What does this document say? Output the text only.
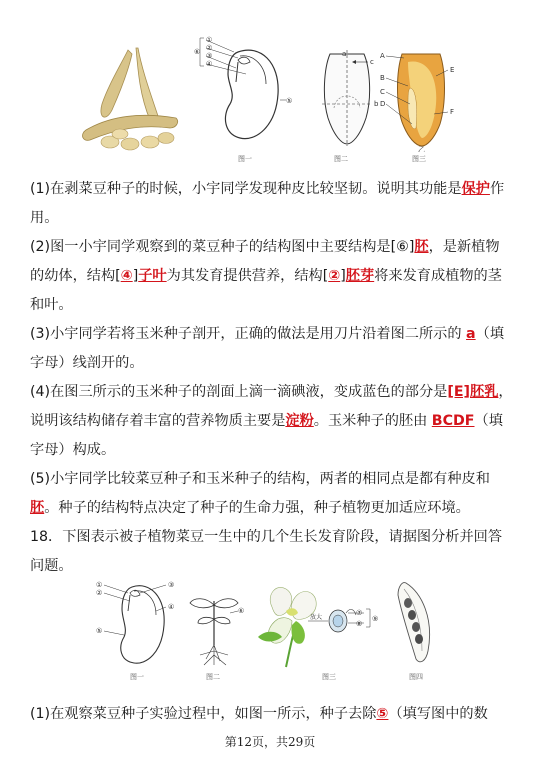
①
②
③
④
⑥
⑤
图一
a
c
b
图二
A
B
C
D
E
F
乙
图三
(1)在剥菜豆种子的时候，小宇同学发现种皮比较坚韧。说明其功能是保护作
用。
(2)图一小宇同学观察到的菜豆种子的结构图中主要结构是[⑥]胚，是新植物
的幼体，结构[④]子叶为其发育提供营养，结构[②]胚芽将来发育成植物的茎
和叶。
(3)小宇同学若将玉米种子剖开，正确的做法是用刀片沿着图二所示的 a（填
字母）线剖开的。
(4)在图三所示的玉米种子的剖面上滴一滴碘液，变成蓝色的部分是[E]胚乳，
说明该结构储存着丰富的营养物质主要是淀粉。玉米种子的胚由 BCDF（填
字母）构成。
(5)小宇同学比较菜豆种子和玉米种子的结构，两者的相同点是都有种皮和
胚。种子的结构特点决定了种子的生命力强，种子植物更加适应环境。
18．下图表示被子植物菜豆一生中的几个生长发育阶段，请据图分析并回答
问题。
①
②
③
④
⑤
图一
⑥
图二
放大
⑦
⑧
⑨
图三	图四
(1)在观察菜豆种子实验过程中，如图一所示，种子去除⑤（填写图中的数
第12页，共29页
